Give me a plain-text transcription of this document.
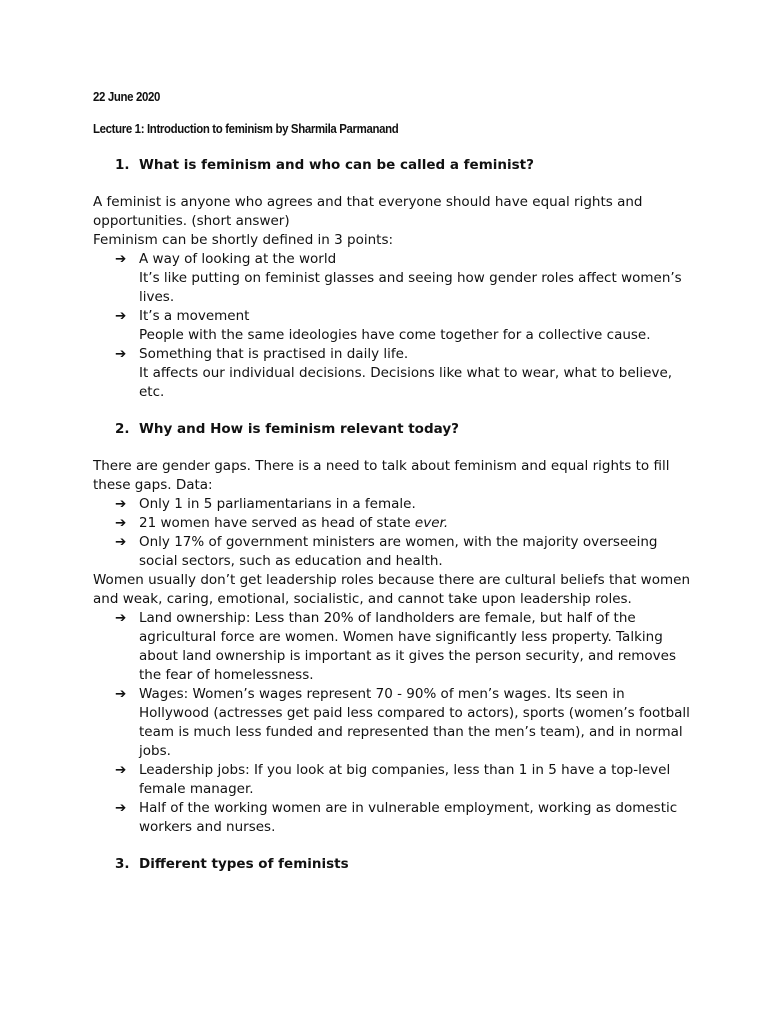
22 June 2020

Lecture 1: Introduction to feminism by Sharmila Parmanand

1. What is feminism and who can be called a feminist?

A feminist is anyone who agrees and that everyone should have equal rights and opportunities. (short answer)

Feminism can be shortly defined in 3 points:

➔ A way of looking at the world
It’s like putting on feminist glasses and seeing how gender roles affect women’s lives.
➔ It’s a movement
People with the same ideologies have come together for a collective cause.
➔ Something that is practised in daily life.
It affects our individual decisions. Decisions like what to wear, what to believe, etc.
2. Why and How is feminism relevant today?

There are gender gaps. There is a need to talk about feminism and equal rights to fill these gaps. Data:

➔ Only 1 in 5 parliamentarians in a female.
➔ 21 women have served as head of state ever.
➔ Only 17% of government ministers are women, with the majority overseeing social sectors, such as education and health.

Women usually don’t get leadership roles because there are cultural beliefs that women and weak, caring, emotional, socialistic, and cannot take upon leadership roles.

➔ Land ownership: Less than 20% of landholders are female, but half of the agricultural force are women. Women have significantly less property. Talking about land ownership is important as it gives the person security, and removes the fear of homelessness.
➔ Wages: Women’s wages represent 70 - 90% of men’s wages. Its seen in Hollywood (actresses get paid less compared to actors), sports (women’s football team is much less funded and represented than the men’s team), and in normal jobs.
➔ Leadership jobs: If you look at big companies, less than 1 in 5 have a top-level female manager.
➔ Half of the working women are in vulnerable employment, working as domestic workers and nurses.
3. Different types of feminists
